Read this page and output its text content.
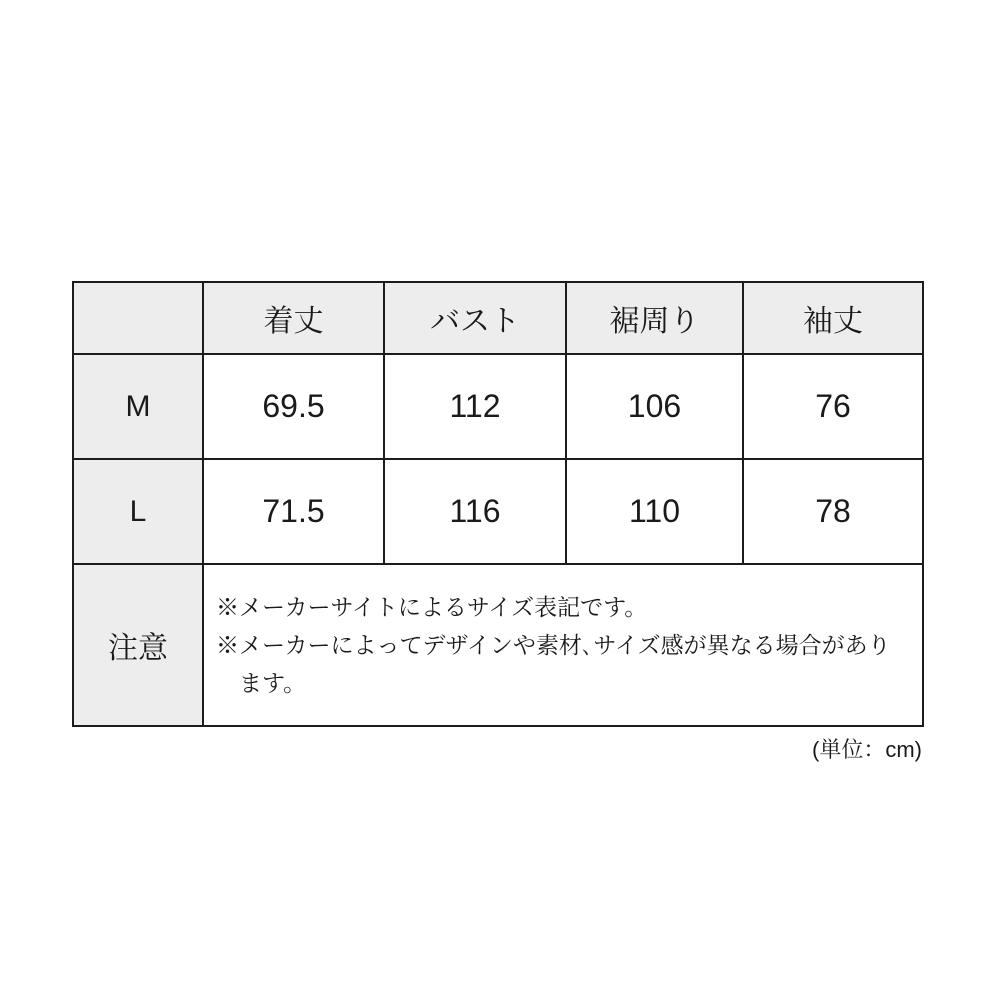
	着丈	バスト	裾周り	袖丈
M	69.5	112	106	76
L	71.5	116	110	78
注意	※メーカーサイトによるサイズ表記です。
※メーカーによってデザインや素材､サイズ感が異なる場合があります。			
(単位：cm)
